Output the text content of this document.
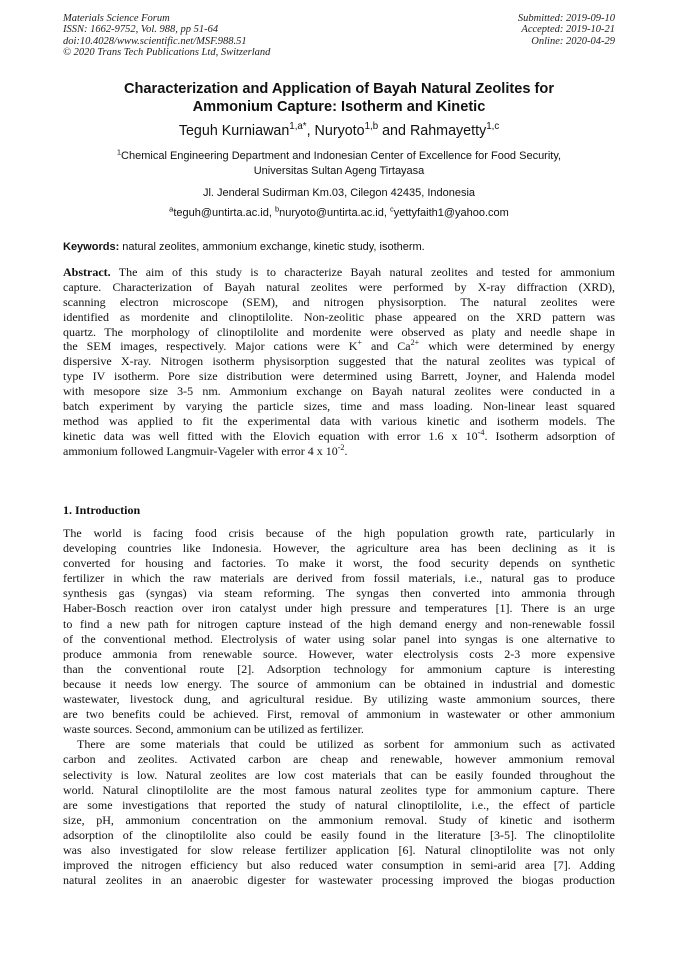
Materials Science Forum
ISSN: 1662-9752, Vol. 988, pp 51-64
doi:10.4028/www.scientific.net/MSF.988.51
© 2020 Trans Tech Publications Ltd, Switzerland
Submitted: 2019-09-10
Accepted: 2019-10-21
Online: 2020-04-29
Characterization and Application of Bayah Natural Zeolites for
Ammonium Capture: Isotherm and Kinetic
Teguh Kurniawan$^{1,a*}$, Nuryoto$^{1,b}$ and Rahmayetty$^{1,c}$
$^1$Chemical Engineering Department and Indonesian Center of Excellence for Food Security,
Universitas Sultan Ageng Tirtayasa
Jl. Jenderal Sudirman Km.03, Cilegon 42435, Indonesia
$^a$teguh@untirta.ac.id, $^b$nuryoto@untirta.ac.id, $^c$yettyfaith1@yahoo.com
Keywords: natural zeolites, ammonium exchange, kinetic study, isotherm.
Abstract. The aim of this study is to characterize Bayah natural zeolites and tested for ammonium
capture. Characterization of Bayah natural zeolites were performed by X-ray diffraction (XRD),
scanning electron microscope (SEM), and nitrogen physisorption. The natural zeolites were
identified as mordenite and clinoptilolite. Non-zeolitic phase appeared on the XRD pattern was
quartz. The morphology of clinoptilolite and mordenite were observed as platy and needle shape in
the SEM images, respectively. Major cations were K+ and $Ca^{2+}$ which were determined by energy
dispersive X-ray. Nitrogen isotherm physisorption suggested that the natural zeolites was typical of
type IV isotherm. Pore size distribution were determined using Barrett, Joyner, and Halenda model
with mesopore size 3-5 nm. Ammonium exchange on Bayah natural zeolites were conducted in a
batch experiment by varying the particle sizes, time and mass loading. Non-linear least squared
method was applied to fit the experimental data with various kinetic and isotherm models. The
kinetic data was well fitted with the Elovich equation with error 1.6 x $10^{-4}$. Isotherm adsorption of
ammonium followed Langmuir-Vageler with error 4 x $10^{-2}$.
1. Introduction
The world is facing food crisis because of the high population growth rate, particularly in
developing countries like Indonesia. However, the agriculture area has been declining as it is
converted for housing and factories. To make it worst, the food security depends on synthetic
fertilizer in which the raw materials are derived from fossil materials, i.e., natural gas to produce
synthesis gas (syngas) via steam reforming. The syngas then converted into ammonia through
Haber-Bosch reaction over iron catalyst under high pressure and temperatures [1]. There is an urge
to find a new path for nitrogen capture instead of the high demand energy and non-renewable fossil
of the conventional method. Electrolysis of water using solar panel into syngas is one alternative to
produce ammonia from renewable source. However, water electrolysis costs 2-3 more expensive
than the conventional route [2]. Adsorption technology for ammonium capture is interesting
because it needs low energy. The source of ammonium can be obtained in industrial and domestic
wastewater, livestock dung, and agricultural residue. By utilizing waste ammonium sources, there
are two benefits could be achieved. First, removal of ammonium in wastewater or other ammonium
waste sources. Second, ammonium can be utilized as fertilizer.
There are some materials that could be utilized as sorbent for ammonium such as activated
carbon and zeolites. Activated carbon are cheap and renewable, however ammonium removal
selectivity is low. Natural zeolites are low cost materials that can be easily founded throughout the
world. Natural clinoptilolite are the most famous natural zeolites type for ammonium capture. There
are some investigations that reported the study of natural clinoptilolite, i.e., the effect of particle
size, pH, ammonium concentration on the ammonium removal. Study of kinetic and isotherm
adsorption of the clinoptilolite also could be easily found in the literature [3-5]. The clinoptilolite
was also investigated for slow release fertilizer application [6]. Natural clinoptilolite was not only
improved the nitrogen efficiency but also reduced water consumption in semi-arid area [7]. Adding
natural zeolites in an anaerobic digester for wastewater processing improved the biogas production
